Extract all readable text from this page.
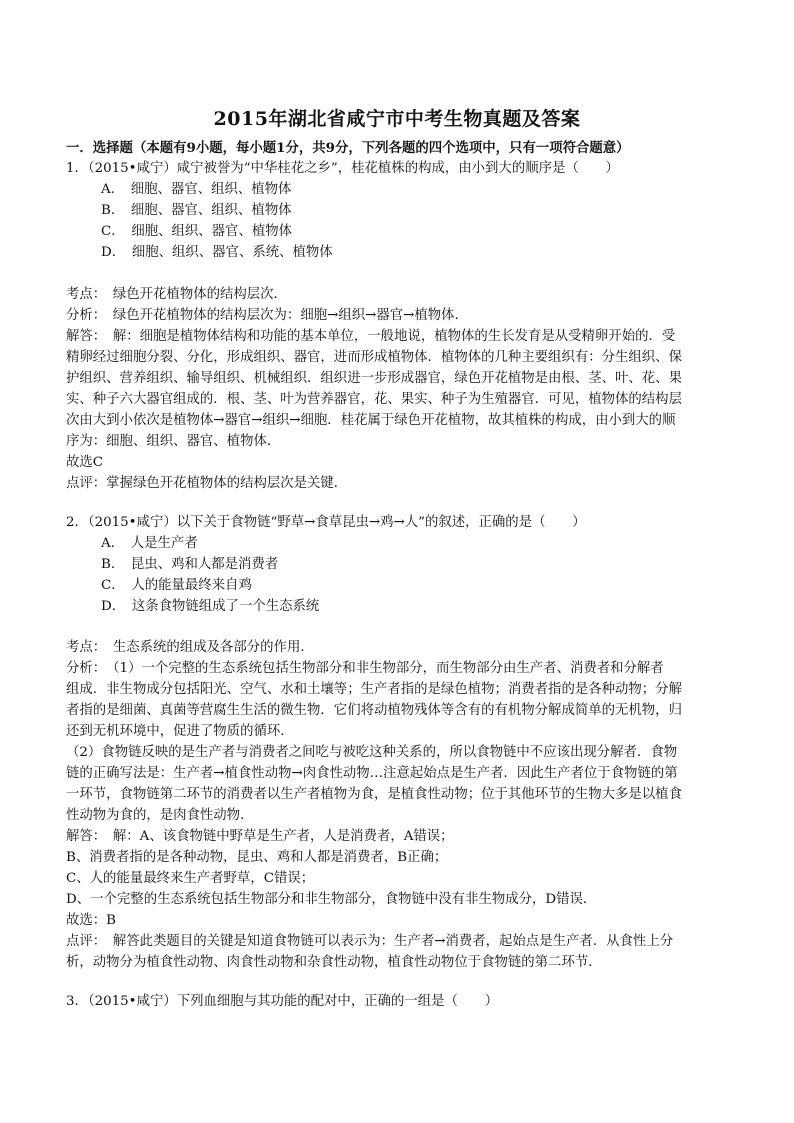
2015年湖北省咸宁市中考生物真题及答案
一．选择题（本题有9小题，每小题1分，共9分，下列各题的四个选项中，只有一项符合题意）
1．（2015•咸宁）咸宁被誉为“中华桂花之乡”，桂花植株的构成，由小到大的顺序是（　　）
A．　细胞、器官、组织、植物体
B．　细胞、器官、组织、植物体
C．　细胞、组织、器官、植物体
D．　细胞、组织、器官、系统、植物体
考点：　绿色开花植物体的结构层次．
分析：　绿色开花植物体的结构层次为：细胞→组织→器官→植物体．
解答：　解：细胞是植物体结构和功能的基本单位，一般地说，植物体的生长发育是从受精卵开始的．受
精卵经过细胞分裂、分化，形成组织、器官，进而形成植物体．植物体的几种主要组织有：分生组织、保
护组织、营养组织、输导组织、机械组织．组织进一步形成器官，绿色开花植物是由根、茎、叶、花、果
实、种子六大器官组成的．根、茎、叶为营养器官，花、果实、种子为生殖器官．可见，植物体的结构层
次由大到小依次是植物体→器官→组织→细胞．桂花属于绿色开花植物，故其植株的构成，由小到大的顺
序为：细胞、组织、器官、植物体．
故选C
点评：掌握绿色开花植物体的结构层次是关键．
2．（2015•咸宁）以下关于食物链“野草→食草昆虫→鸡→人”的叙述，正确的是（　　）
A．　人是生产者
B．　昆虫、鸡和人都是消费者
C．　人的能量最终来自鸡
D．　这条食物链组成了一个生态系统
考点：　生态系统的组成及各部分的作用．
分析：　（1）一个完整的生态系统包括生物部分和非生物部分，而生物部分由生产者、消费者和分解者
组成．非生物成分包括阳光、空气、水和土壤等；生产者指的是绿色植物；消费者指的是各种动物；分解
者指的是细菌、真菌等营腐生生活的微生物．它们将动植物残体等含有的有机物分解成简单的无机物，归
还到无机环境中，促进了物质的循环．
（2）食物链反映的是生产者与消费者之间吃与被吃这种关系的，所以食物链中不应该出现分解者．食物
链的正确写法是：生产者→植食性动物→肉食性动物…注意起始点是生产者．因此生产者位于食物链的第
一环节，食物链第二环节的消费者以生产者植物为食，是植食性动物；位于其他环节的生物大多是以植食
性动物为食的，是肉食性动物．
解答：　解：A、该食物链中野草是生产者，人是消费者，A错误；
B、消费者指的是各种动物，昆虫、鸡和人都是消费者，B正确；
C、人的能量最终来生产者野草，C错误；
D、一个完整的生态系统包括生物部分和非生物部分，食物链中没有非生物成分，D错误．
故选：B
点评：　解答此类题目的关键是知道食物链可以表示为：生产者→消费者，起始点是生产者．从食性上分
析，动物分为植食性动物、肉食性动物和杂食性动物，植食性动物位于食物链的第二环节．
3．（2015•咸宁）下列血细胞与其功能的配对中，正确的一组是（　　）
